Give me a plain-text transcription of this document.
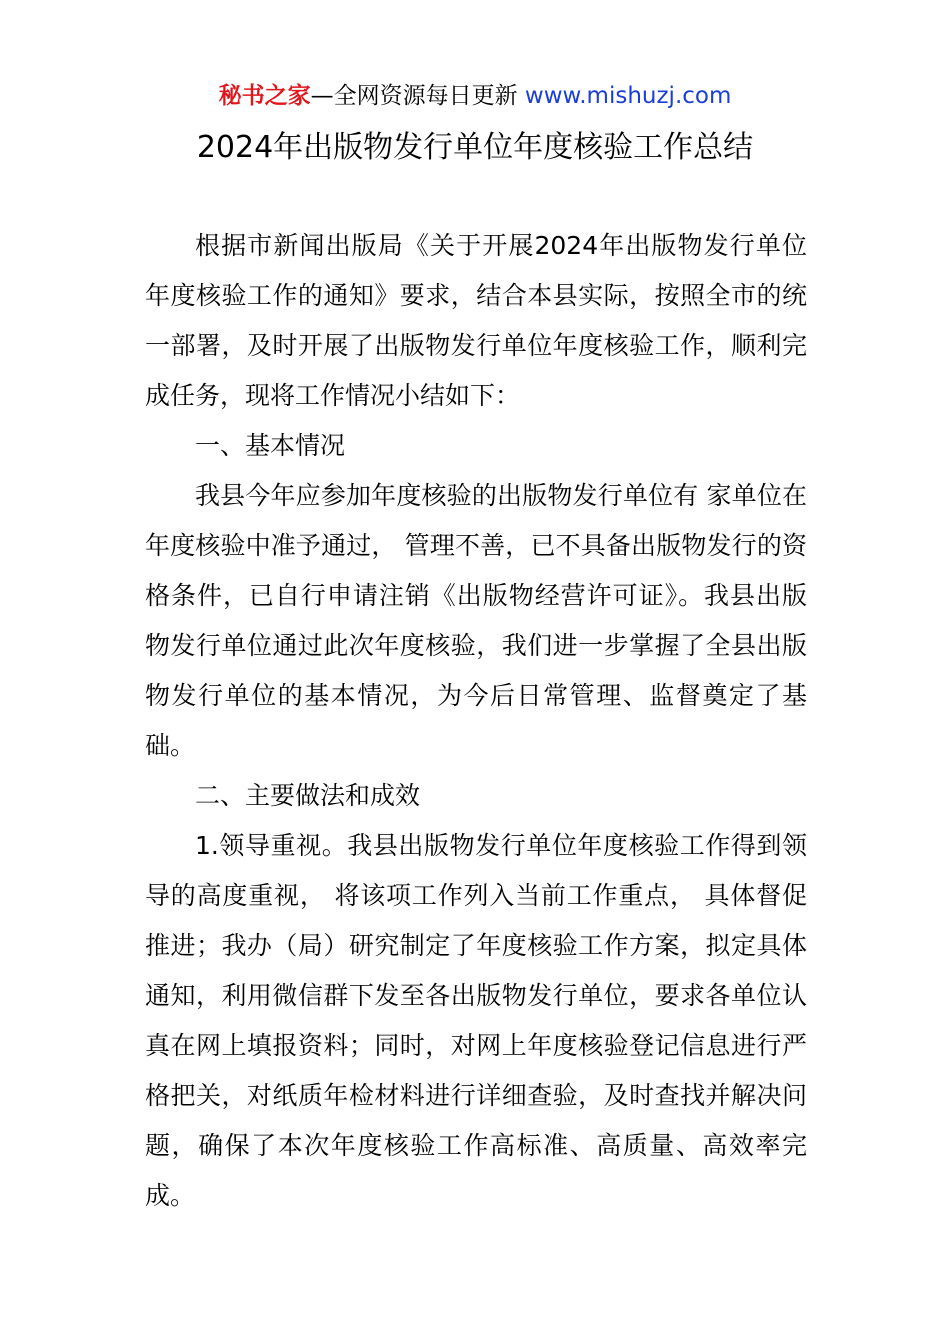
秘书之家—全网资源每日更新 www.mishuzj.com
2024年出版物发行单位年度核验工作总结

根据市新闻出版局《关于开展2024年出版物发行单位年度核验工作的通知》要求，结合本县实际，按照全市的统一部署，及时开展了出版物发行单位年度核验工作，顺利完成任务，现将工作情况小结如下：

一、基本情况

我县今年应参加年度核验的出版物发行单位有 家单位在年度核验中准予通过， 管理不善，已不具备出版物发行的资格条件，已自行申请注销《出版物经营许可证》。我县出版物发行单位通过此次年度核验，我们进一步掌握了全县出版物发行单位的基本情况，为今后日常管理、监督奠定了基础。

二、主要做法和成效

1.领导重视。我县出版物发行单位年度核验工作得到领导的高度重视， 将该项工作列入当前工作重点， 具体督促推进；我办（局）研究制定了年度核验工作方案，拟定具体通知，利用微信群下发至各出版物发行单位，要求各单位认真在网上填报资料；同时，对网上年度核验登记信息进行严格把关，对纸质年检材料进行详细查验，及时查找并解决问题，确保了本次年度核验工作高标准、高质量、高效率完成。
